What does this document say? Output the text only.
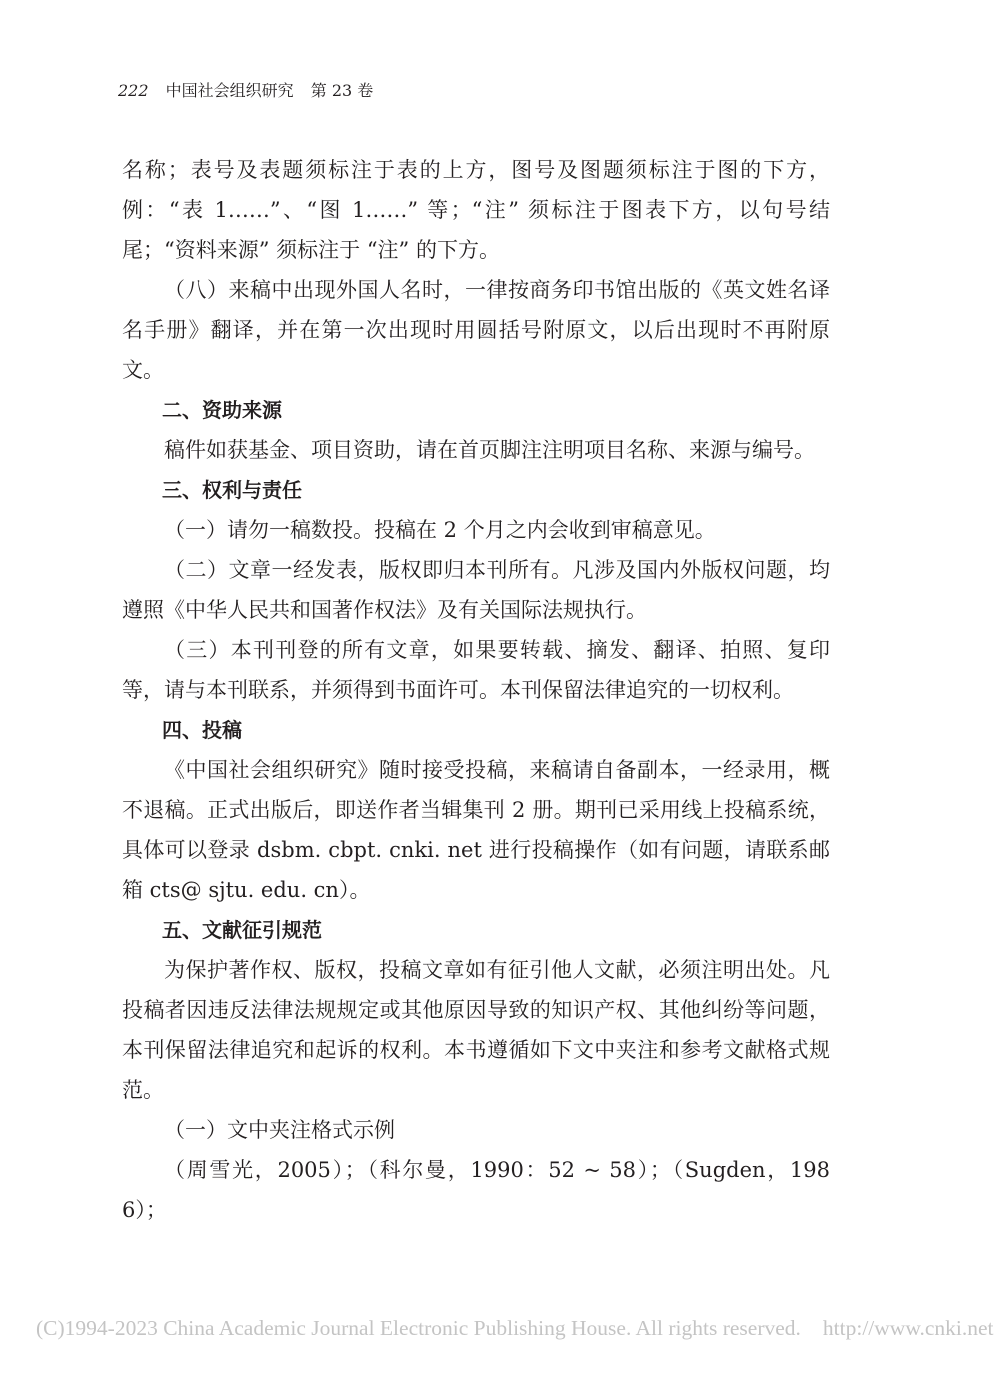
222 中国社会组织研究 第 23 卷

名称；表号及表题须标注于表的上方，图号及图题须标注于图的下方，例：“表 1……”、“图 1……” 等；“注” 须标注于图表下方，以句号结尾；“资料来源” 须标注于 “注” 的下方。

（八）来稿中出现外国人名时，一律按商务印书馆出版的《英文姓名译名手册》翻译，并在第一次出现时用圆括号附原文，以后出现时不再附原文。

二、资助来源

稿件如获基金、项目资助，请在首页脚注注明项目名称、来源与编号。

三、权利与责任

（一）请勿一稿数投。投稿在 2 个月之内会收到审稿意见。

（二）文章一经发表，版权即归本刊所有。凡涉及国内外版权问题，均遵照《中华人民共和国著作权法》及有关国际法规执行。

（三）本刊刊登的所有文章，如果要转载、摘发、翻译、拍照、复印等，请与本刊联系，并须得到书面许可。本刊保留法律追究的一切权利。

四、投稿

《中国社会组织研究》随时接受投稿，来稿请自备副本，一经录用，概不退稿。正式出版后，即送作者当辑集刊 2 册。期刊已采用线上投稿系统，具体可以登录 dsbm. cbpt. cnki. net 进行投稿操作（如有问题，请联系邮箱 cts@ sjtu. edu. cn）。

五、文献征引规范

为保护著作权、版权，投稿文章如有征引他人文献，必须注明出处。凡投稿者因违反法律法规规定或其他原因导致的知识产权、其他纠纷等问题，本刊保留法律追究和起诉的权利。本书遵循如下文中夹注和参考文献格式规范。

（一）文中夹注格式示例

（周雪光，2005）；（科尔曼，1990：52 ~ 58）；（Sugden，1986）；

(C)1994-2023 China Academic Journal Electronic Publishing House. All rights reserved. http://www.cnki.net
